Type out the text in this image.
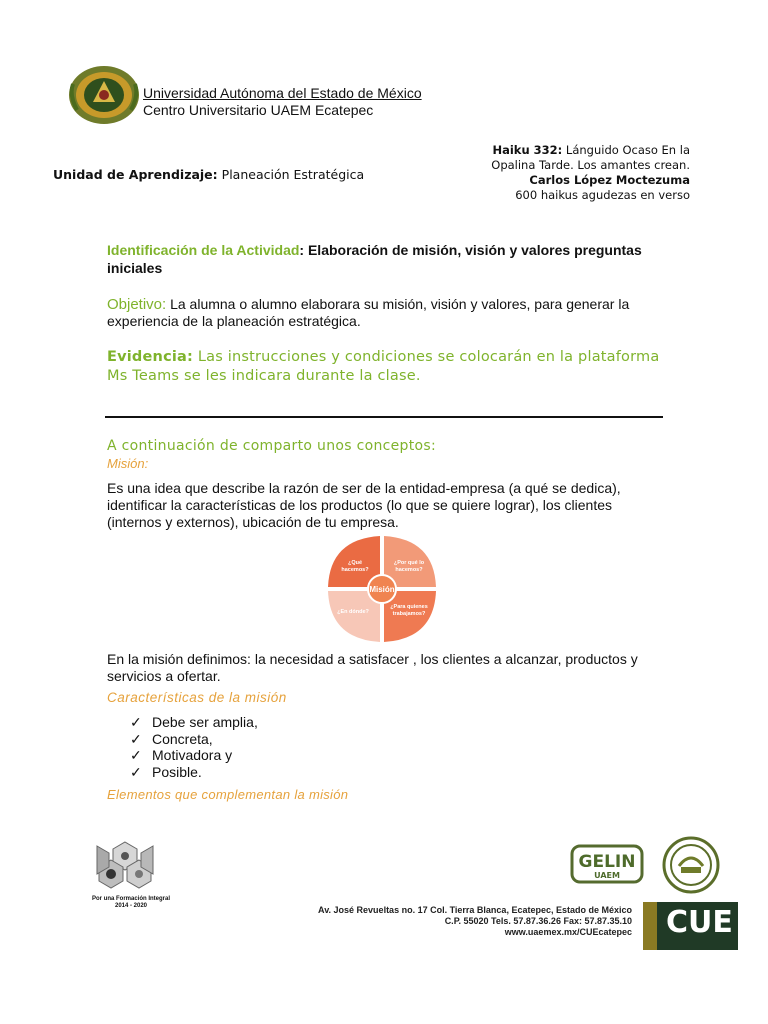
Universidad Autónoma del Estado de México
Centro Universitario UAEM Ecatepec
Haiku 332: Lánguido Ocaso En la
Opalina Tarde. Los amantes crean.
Carlos López Moctezuma
600 haikus agudezas en verso
Unidad de Aprendizaje: Planeación Estratégica
Identificación de la Actividad: Elaboración de misión, visión y valores preguntas iniciales
Objetivo: La alumna o alumno elaborara su misión, visión y valores, para generar la experiencia de la planeación estratégica.
Evidencia: Las instrucciones y condiciones se colocarán en la plataforma Ms Teams se les indicara durante la clase.
A continuación de comparto unos conceptos:
Misión:
Es una idea que describe la razón de ser de la entidad-empresa (a qué se dedica), identificar la características de los productos (lo que se quiere lograr), los clientes (internos y externos), ubicación de tu empresa.
Misión
¿Qué hacemos?
¿Por qué lo hacemos?
¿En dónde?
¿Para quienes trabajamos?
En la misión definimos: la necesidad a satisfacer , los clientes a alcanzar, productos y servicios a ofertar.
Características de la misión
✓ Debe ser amplia,
✓ Concreta,
✓ Motivadora y
✓ Posible.
Elementos que complementan la misión
Por una Formación Integral
2014 - 2020
GELIN
UAEM
Av. José Revueltas no. 17 Col. Tierra Blanca, Ecatepec, Estado de México
C.P. 55020 Tels. 57.87.36.26 Fax: 57.87.35.10
www.uaemex.mx/CUEcatepec CUE
